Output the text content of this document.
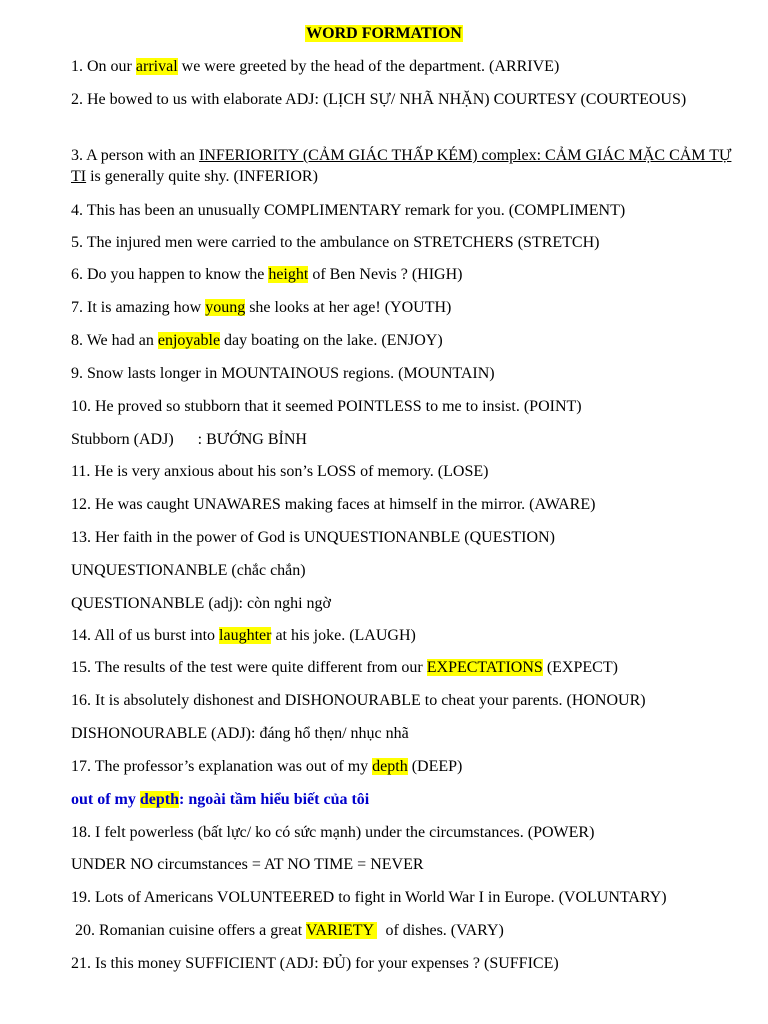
WORD FORMATION
1. On our arrival we were greeted by the head of the department. (ARRIVE)
2. He bowed to us with elaborate ADJ: (LỊCH SỰ/ NHÃ NHẶN) COURTESY (COURTEOUS)
3. A person with an INFERIORITY (CẢM GIÁC THẤP KÉM) complex: CẢM GIÁC MẶC CẢM TỰ TI is generally quite shy. (INFERIOR)
4. This has been an unusually COMPLIMENTARY remark for you. (COMPLIMENT)
5. The injured men were carried to the ambulance on STRETCHERS (STRETCH)
6. Do you happen to know the height of Ben Nevis ? (HIGH)
7. It is amazing how young she looks at her age! (YOUTH)
8. We had an enjoyable day boating on the lake. (ENJOY)
9. Snow lasts longer in MOUNTAINOUS regions. (MOUNTAIN)
10. He proved so stubborn that it seemed POINTLESS to me to insist. (POINT)
Stubborn (ADJ)      : BƯỚNG BỈNH
11. He is very anxious about his son’s LOSS of memory. (LOSE)
12. He was caught UNAWARES making faces at himself in the mirror. (AWARE)
13. Her faith in the power of God is UNQUESTIONANBLE (QUESTION)
UNQUESTIONANBLE (chắc chắn)
QUESTIONANBLE (adj): còn nghi ngờ
14. All of us burst into laughter at his joke. (LAUGH)
15. The results of the test were quite different from our EXPECTATIONS (EXPECT)
16. It is absolutely dishonest and DISHONOURABLE to cheat your parents. (HONOUR)
DISHONOURABLE (ADJ): đáng hổ thẹn/ nhục nhã
17. The professor’s explanation was out of my depth (DEEP)
out of my depth: ngoài tầm hiểu biết của tôi
18. I felt powerless (bất lực/ ko có sức mạnh) under the circumstances. (POWER)
UNDER NO circumstances = AT NO TIME = NEVER
19. Lots of Americans VOLUNTEERED to fight in World War I in Europe. (VOLUNTARY)
20. Romanian cuisine offers a great VARIETY   of dishes. (VARY)
21. Is this money SUFFICIENT (ADJ: ĐỦ) for your expenses ? (SUFFICE)
